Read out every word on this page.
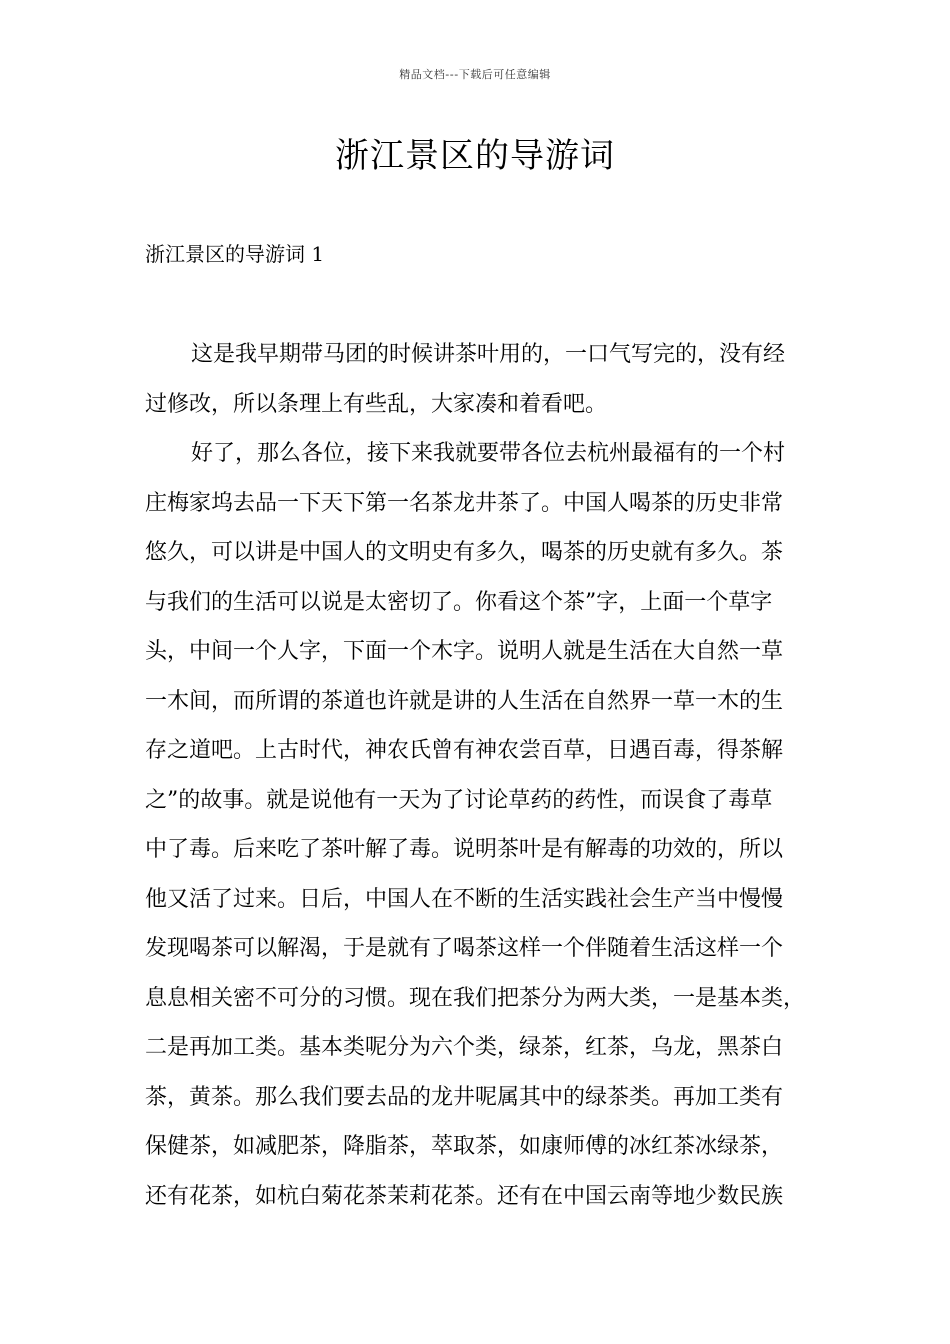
精品文档---下载后可任意编辑
浙江景区的导游词
浙江景区的导游词 1

这是我早期带马团的时候讲茶叶用的，一口气写完的，没有经
过修改，所以条理上有些乱，大家凑和着看吧。

好了，那么各位，接下来我就要带各位去杭州最福有的一个村
庄梅家坞去品一下天下第一名茶龙井茶了。中国人喝茶的历史非常
悠久，可以讲是中国人的文明史有多久，喝茶的历史就有多久。茶
与我们的生活可以说是太密切了。你看这个茶”字，上面一个草字
头，中间一个人字，下面一个木字。说明人就是生活在大自然一草
一木间，而所谓的茶道也许就是讲的人生活在自然界一草一木的生
存之道吧。上古时代，神农氏曾有神农尝百草，日遇百毒，得茶解
之”的故事。就是说他有一天为了讨论草药的药性，而误食了毒草
中了毒。后来吃了茶叶解了毒。说明茶叶是有解毒的功效的，所以
他又活了过来。日后，中国人在不断的生活实践社会生产当中慢慢
发现喝茶可以解渴，于是就有了喝茶这样一个伴随着生活这样一个
息息相关密不可分的习惯。现在我们把茶分为两大类，一是基本类，
二是再加工类。基本类呢分为六个类，绿茶，红茶，乌龙，黑茶白
茶，黄茶。那么我们要去品的龙井呢属其中的绿茶类。再加工类有
保健茶，如减肥茶，降脂茶，萃取茶，如康师傅的冰红茶冰绿茶，
还有花茶，如杭白菊花茶茉莉花茶。还有在中国云南等地少数民族
